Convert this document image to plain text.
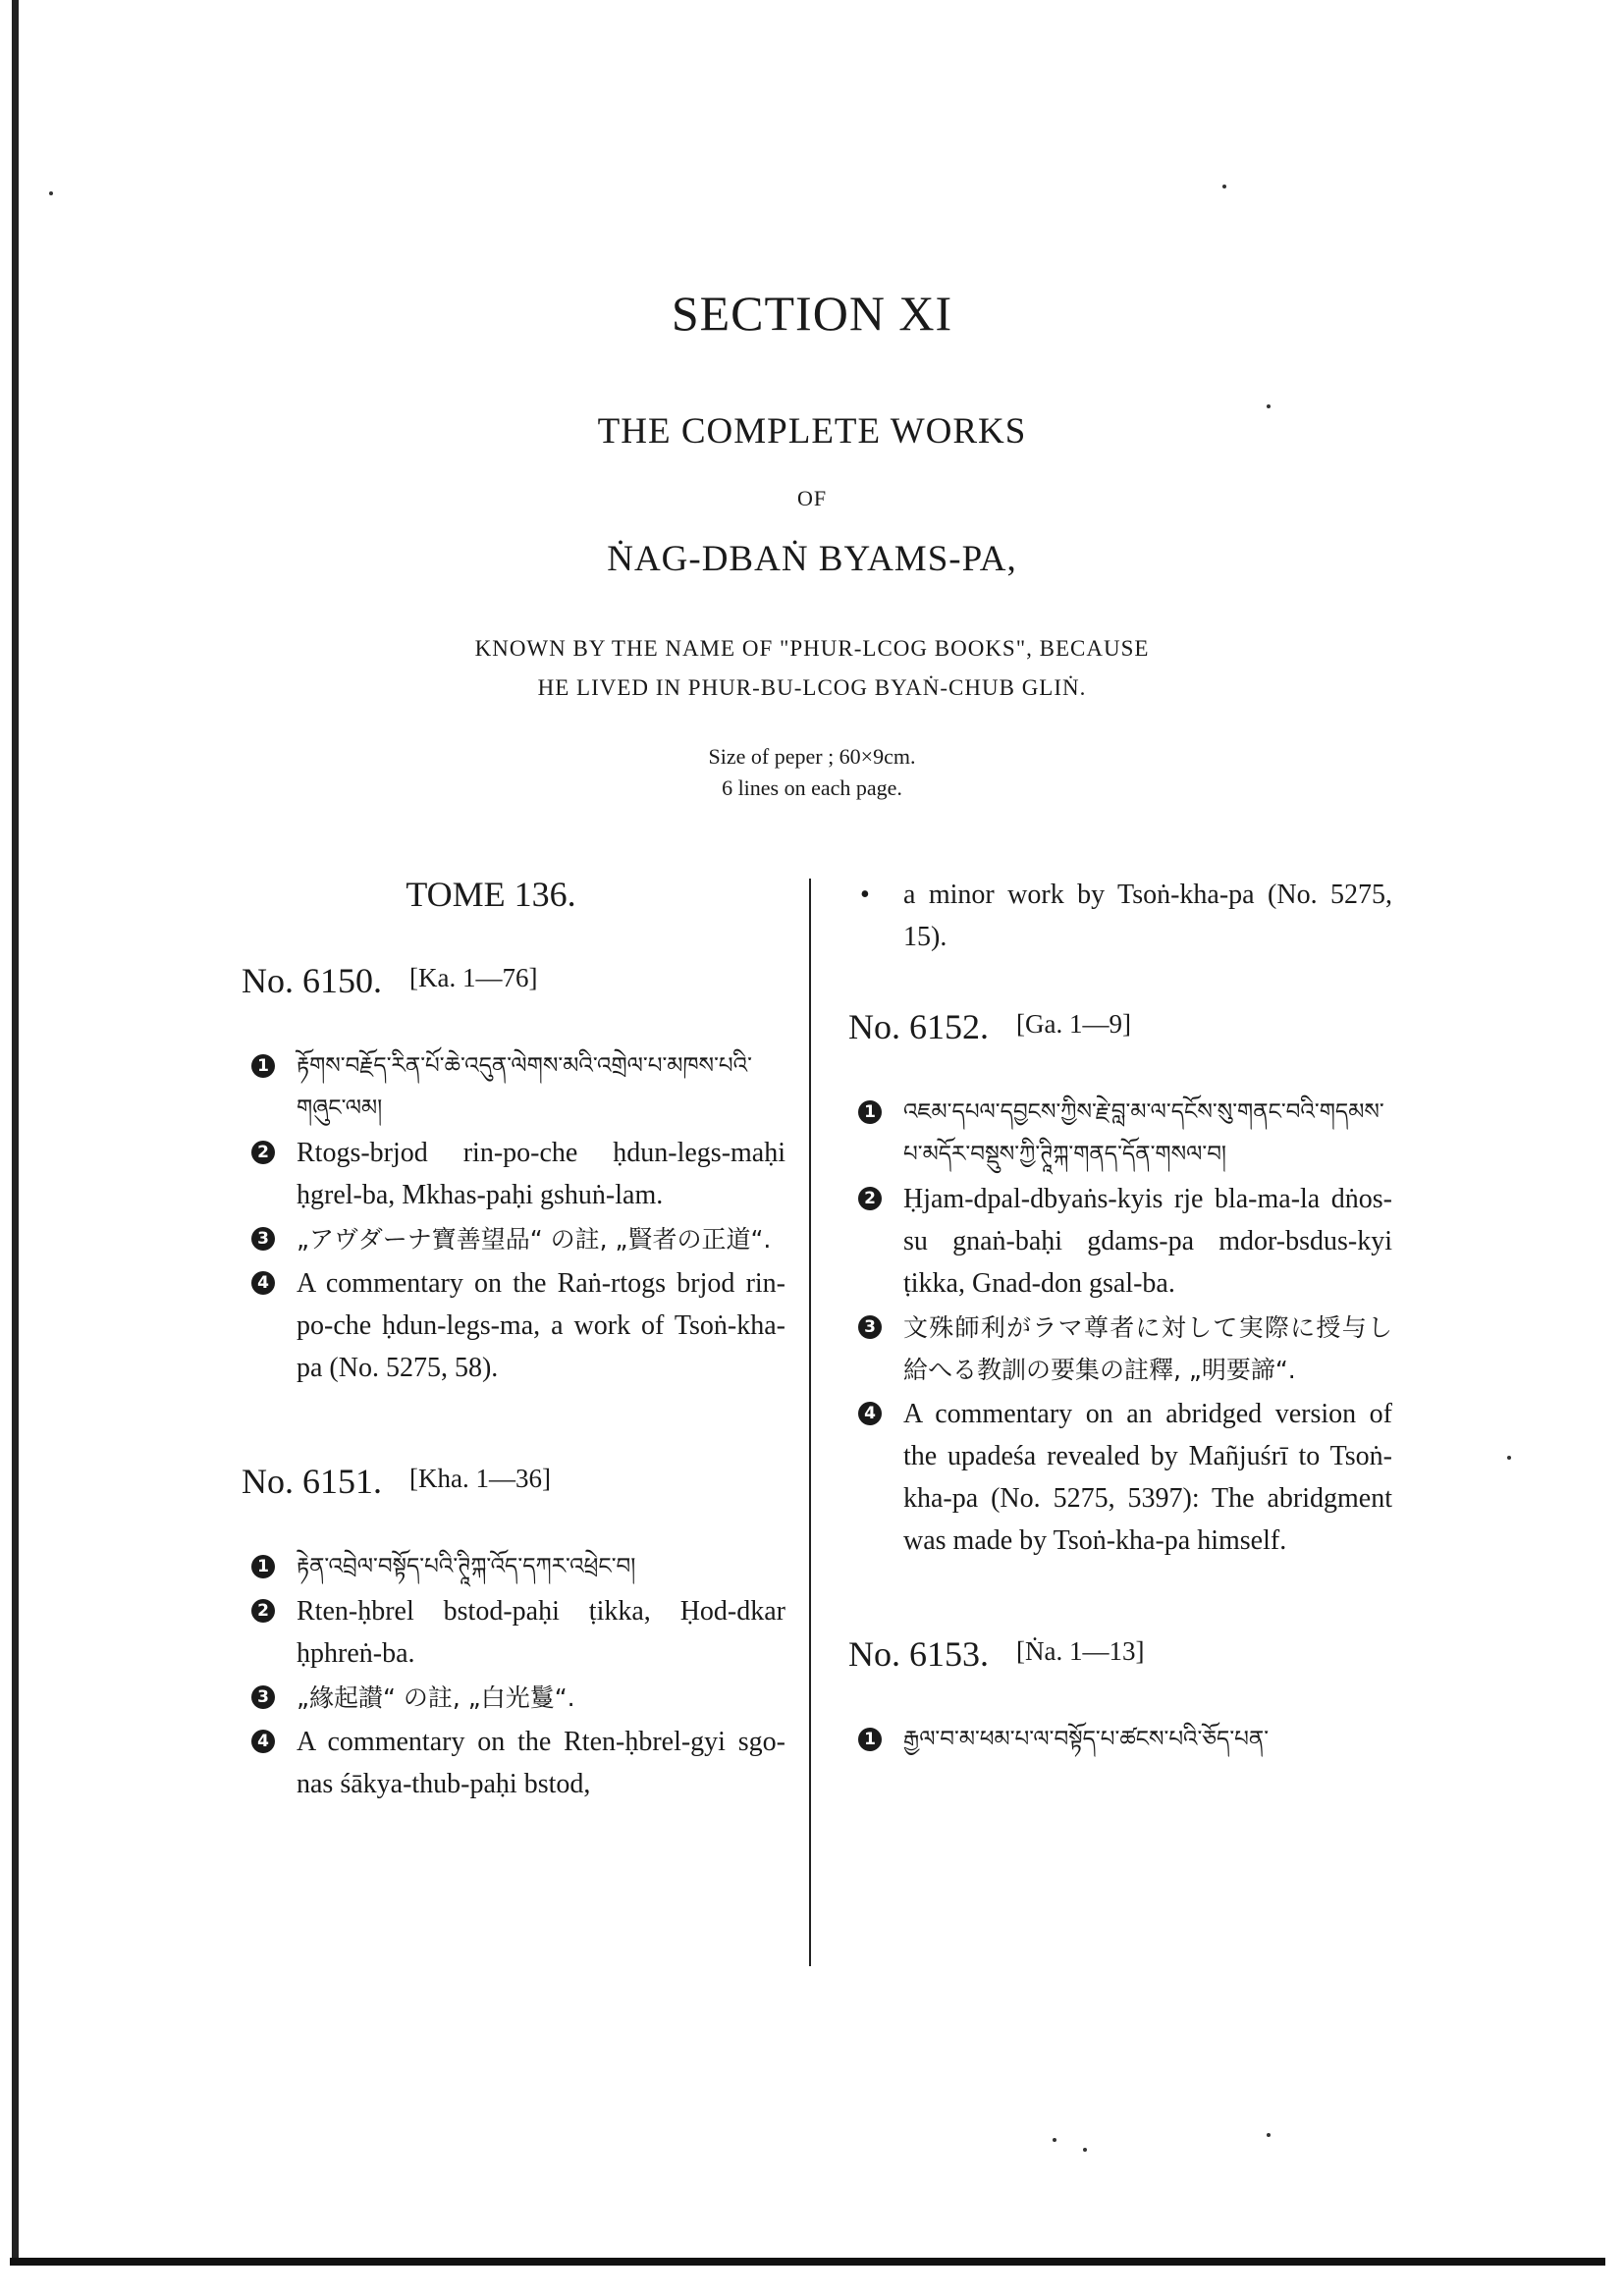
SECTION XI
THE COMPLETE WORKS
OF
ṄAG-DBAṄ BYAMS-PA,
KNOWN BY THE NAME OF "PHUR-LCOG BOOKS", BECAUSE
HE LIVED IN PHUR-BU-LCOG BYAṄ-CHUB GLIṄ.
Size of peper ; 60×9cm.
6 lines on each page.
TOME 136.
No. 6150. [Ka. 1—76]
1 རྟོགས་བརྗོད་རིན་པོ་ཆེ་འདུན་ལེགས་མའི་འགྲེལ་པ་མཁས་པའི་གཞུང་ལམ།
2 Rtogs-brjod rin-po-che ḥdun-legs-maḥi ḥgrel-ba, Mkhas-paḥi gshuṅ-lam.
3 „アヴダーナ寶善望品“ の註, „賢者の正道“.
4 A commentary on the Raṅ-rtogs brjod rin-po-che ḥdun-legs-ma, a work of Tsoṅ-kha-pa (No. 5275, 58).
No. 6151. [Kha. 1—36]
1 རྟེན་འབྲེལ་བསྟོད་པའི་ཊཱིཀྐ་འོད་དཀར་འཕྲེང་བ།
2 Rten-ḥbrel bstod-paḥi ṭikka, Ḥod-dkar ḥphreṅ-ba.
3 „緣起讃“ の註, „白光鬘“.
4 A commentary on the Rten-ḥbrel-gyi sgo-nas śākya-thub-paḥi bstod,
• a minor work by Tsoṅ-kha-pa (No. 5275, 15).
No. 6152. [Ga. 1—9]
1 འཇམ་དཔལ་དབྱངས་ཀྱིས་རྗེ་བླ་མ་ལ་དངོས་སུ་གནང་བའི་གདམས་པ་མདོར་བསྡུས་ཀྱི་ཊཱིཀྐ་གནད་དོན་གསལ་བ།
2 Ḥjam-dpal-dbyaṅs-kyis rje bla-ma-la dṅos-su gnaṅ-baḥi gdams-pa mdor-bsdus-kyi ṭikka, Gnad-don gsal-ba.
3 文殊師利がラマ尊者に対して実際に授与し給へる教訓の要集の註釋, „明要諦“.
4 A commentary on an abridged version of the upadeśa revealed by Mañjuśrī to Tsoṅ-kha-pa (No. 5275, 5397): The abridgment was made by Tsoṅ-kha-pa himself.
No. 6153. [Ṅa. 1—13]
1 རྒྱལ་བ་མ་ཕམ་པ་ལ་བསྟོད་པ་ཚངས་པའི་ཅོད་པན་
